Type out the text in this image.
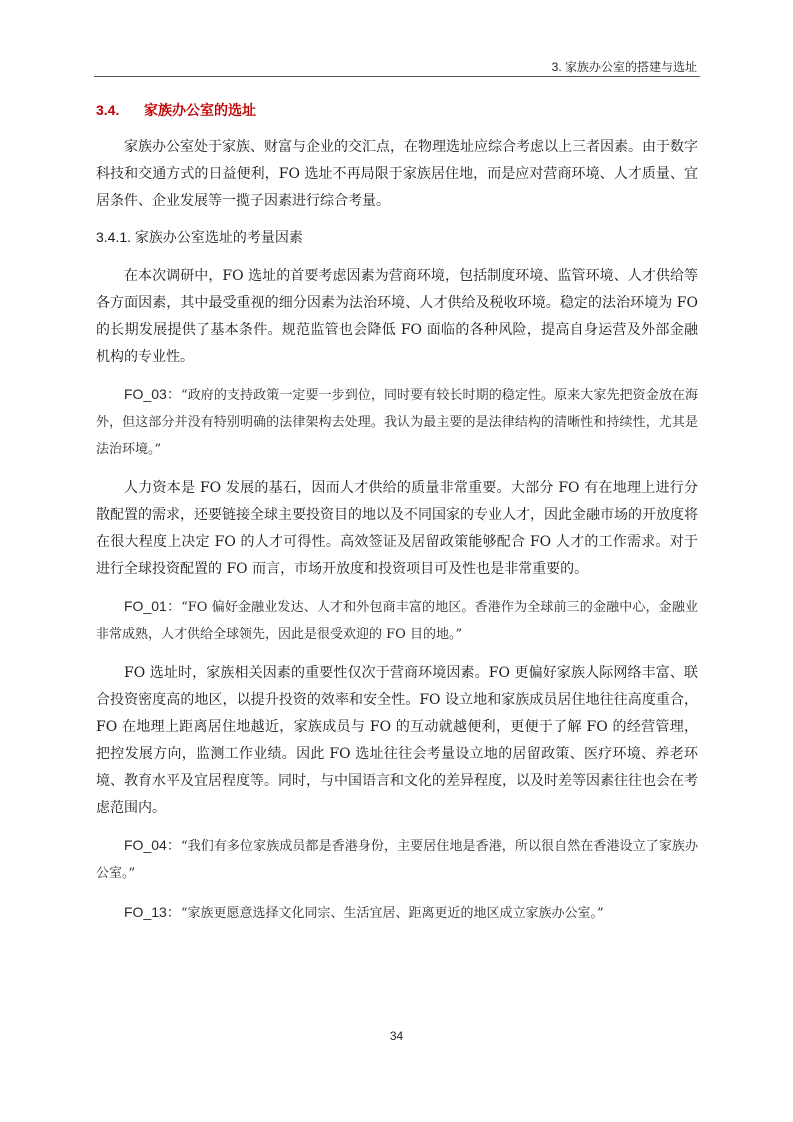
3. 家族办公室的搭建与选址
3.4. 家族办公室的选址

家族办公室处于家族、财富与企业的交汇点，在物理选址应综合考虑以上三者因素。由于数字科技和交通方式的日益便利，FO 选址不再局限于家族居住地，而是应对营商环境、人才质量、宜居条件、企业发展等一揽子因素进行综合考量。

3.4.1. 家族办公室选址的考量因素

在本次调研中，FO 选址的首要考虑因素为营商环境，包括制度环境、监管环境、人才供给等各方面因素，其中最受重视的细分因素为法治环境、人才供给及税收环境。稳定的法治环境为 FO 的长期发展提供了基本条件。规范监管也会降低 FO 面临的各种风险，提高自身运营及外部金融机构的专业性。

FO_03：“政府的支持政策一定要一步到位，同时要有较长时期的稳定性。原来大家先把资金放在海外，但这部分并没有特别明确的法律架构去处理。我认为最主要的是法律结构的清晰性和持续性，尤其是法治环境。”

人力资本是 FO 发展的基石，因而人才供给的质量非常重要。大部分 FO 有在地理上进行分散配置的需求，还要链接全球主要投资目的地以及不同国家的专业人才，因此金融市场的开放度将在很大程度上决定 FO 的人才可得性。高效签证及居留政策能够配合 FO 人才的工作需求。对于进行全球投资配置的 FO 而言，市场开放度和投资项目可及性也是非常重要的。

FO_01：“FO 偏好金融业发达、人才和外包商丰富的地区。香港作为全球前三的金融中心，金融业非常成熟，人才供给全球领先，因此是很受欢迎的 FO 目的地。”

FO 选址时，家族相关因素的重要性仅次于营商环境因素。FO 更偏好家族人际网络丰富、联合投资密度高的地区，以提升投资的效率和安全性。FO 设立地和家族成员居住地往往高度重合，FO 在地理上距离居住地越近，家族成员与 FO 的互动就越便利，更便于了解 FO 的经营管理，把控发展方向，监测工作业绩。因此 FO 选址往往会考量设立地的居留政策、医疗环境、养老环境、教育水平及宜居程度等。同时，与中国语言和文化的差异程度，以及时差等因素往往也会在考虑范围内。

FO_04：“我们有多位家族成员都是香港身份，主要居住地是香港，所以很自然在香港设立了家族办公室。”

FO_13：“家族更愿意选择文化同宗、生活宜居、距离更近的地区成立家族办公室。”

34
